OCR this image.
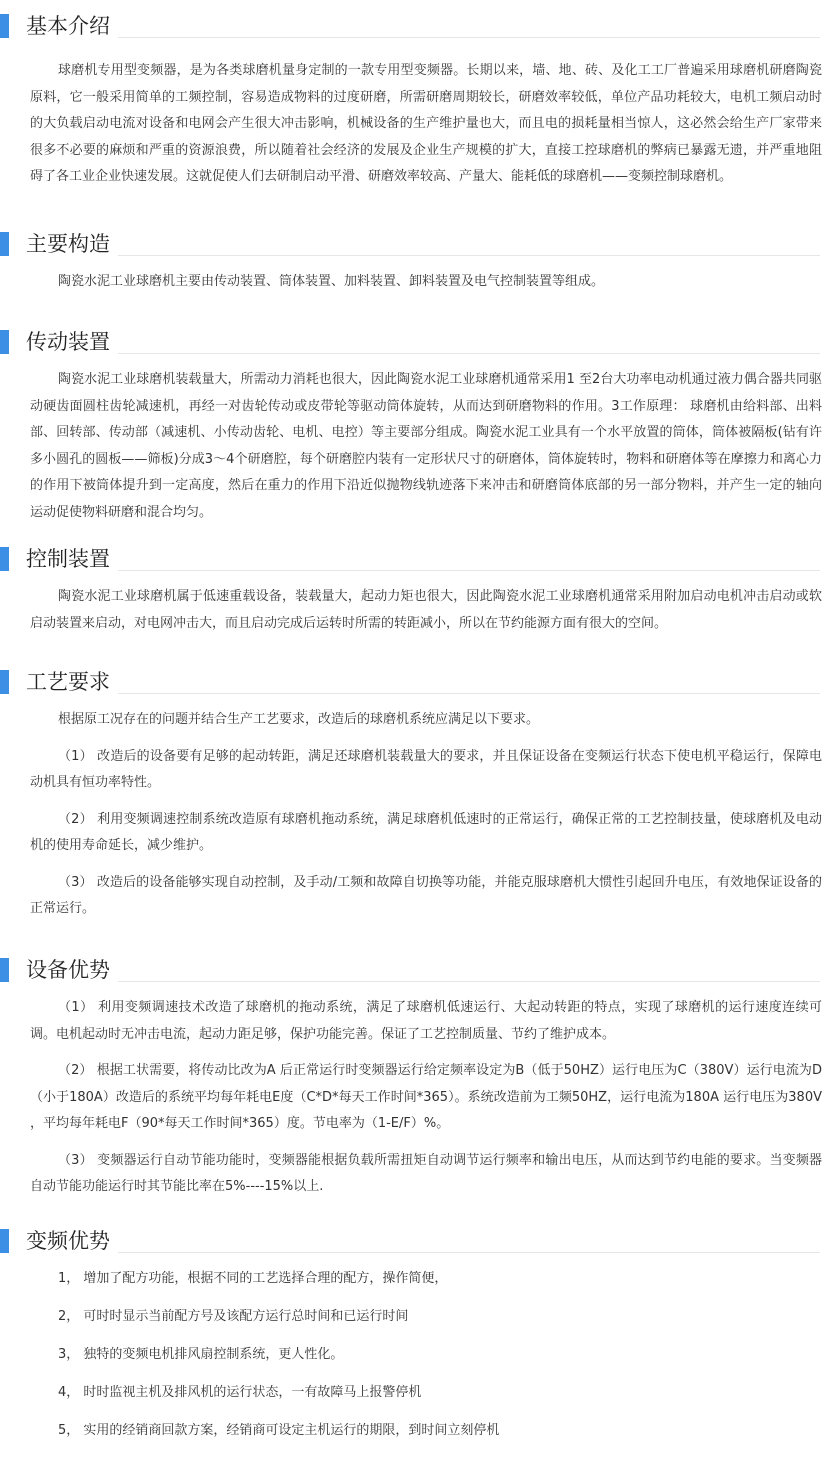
基本介绍

球磨机专用型变频器，是为各类球磨机量身定制的一款专用型变频器。长期以来，墙、地、砖、及化工工厂普遍采用球磨机研磨陶瓷原料，它一般采用简单的工频控制，容易造成物料的过度研磨，所需研磨周期较长，研磨效率较低，单位产品功耗较大，电机工频启动时的大负载启动电流对设备和电网会产生很大冲击影响，机械设备的生产维护量也大，而且电的损耗量相当惊人，这必然会给生产厂家带来很多不必要的麻烦和严重的资源浪费，所以随着社会经济的发展及企业生产规模的扩大，直接工控球磨机的弊病已暴露无遗，并严重地阻碍了各工业企业快速发展。这就促使人们去研制启动平滑、研磨效率较高、产量大、能耗低的球磨机——变频控制球磨机。

主要构造

陶瓷水泥工业球磨机主要由传动装置、筒体装置、加料装置、卸料装置及电气控制装置等组成。

传动装置

陶瓷水泥工业球磨机装载量大，所需动力消耗也很大，因此陶瓷水泥工业球磨机通常采用1 至2台大功率电动机通过液力偶合器共同驱动硬齿面圆柱齿轮减速机，再经一对齿轮传动或皮带轮等驱动筒体旋转，从而达到研磨物料的作用。3工作原理： 球磨机由给料部、出料部、回转部、传动部（减速机、小传动齿轮、电机、电控）等主要部分组成。陶瓷水泥工业具有一个水平放置的筒体，筒体被隔板(钻有许多小圆孔的圆板——筛板)分成3～4个研磨腔，每个研磨腔内装有一定形状尺寸的研磨体，筒体旋转时，物料和研磨体等在摩擦力和离心力的作用下被筒体提升到一定高度，然后在重力的作用下沿近似抛物线轨迹落下来冲击和研磨筒体底部的另一部分物料，并产生一定的轴向运动促使物料研磨和混合均匀。

控制装置

陶瓷水泥工业球磨机属于低速重载设备，装载量大，起动力矩也很大，因此陶瓷水泥工业球磨机通常采用附加启动电机冲击启动或软启动装置来启动，对电网冲击大，而且启动完成后运转时所需的转距减小，所以在节约能源方面有很大的空间。

工艺要求

根据原工况存在的问题并结合生产工艺要求，改造后的球磨机系统应满足以下要求。

（1） 改造后的设备要有足够的起动转距，满足还球磨机装载量大的要求，并且保证设备在变频运行状态下使电机平稳运行，保障电动机具有恒功率特性。

（2） 利用变频调速控制系统改造原有球磨机拖动系统，满足球磨机低速时的正常运行，确保正常的工艺控制技量，使球磨机及电动机的使用寿命延长，减少维护。

（3） 改造后的设备能够实现自动控制，及手动/工频和故障自切换等功能，并能克服球磨机大惯性引起回升电压，有效地保证设备的正常运行。

设备优势

（1） 利用变频调速技术改造了球磨机的拖动系统，满足了球磨机低速运行、大起动转距的特点，实现了球磨机的运行速度连续可调。电机起动时无冲击电流，起动力距足够，保护功能完善。保证了工艺控制质量、节约了维护成本。

（2） 根据工状需要，将传动比改为A 后正常运行时变频器运行给定频率设定为B（低于50HZ）运行电压为C（380V）运行电流为D（小于180A）改造后的系统平均每年耗电E度（C*D*每天工作时间*365）。系统改造前为工频50HZ，运行电流为180A 运行电压为380V ，平均每年耗电F（90*每天工作时间*365）度。节电率为（1-E/F）%。

（3） 变频器运行自动节能功能时，变频器能根据负载所需扭矩自动调节运行频率和输出电压，从而达到节约电能的要求。当变频器自动节能功能运行时其节能比率在5%----15%以上.

变频优势

1， 增加了配方功能，根据不同的工艺选择合理的配方，操作简便，

2， 可时时显示当前配方号及该配方运行总时间和已运行时间

3， 独特的变频电机排风扇控制系统，更人性化。

4， 时时监视主机及排风机的运行状态，一有故障马上报警停机

5， 实用的经销商回款方案，经销商可设定主机运行的期限，到时间立刻停机
